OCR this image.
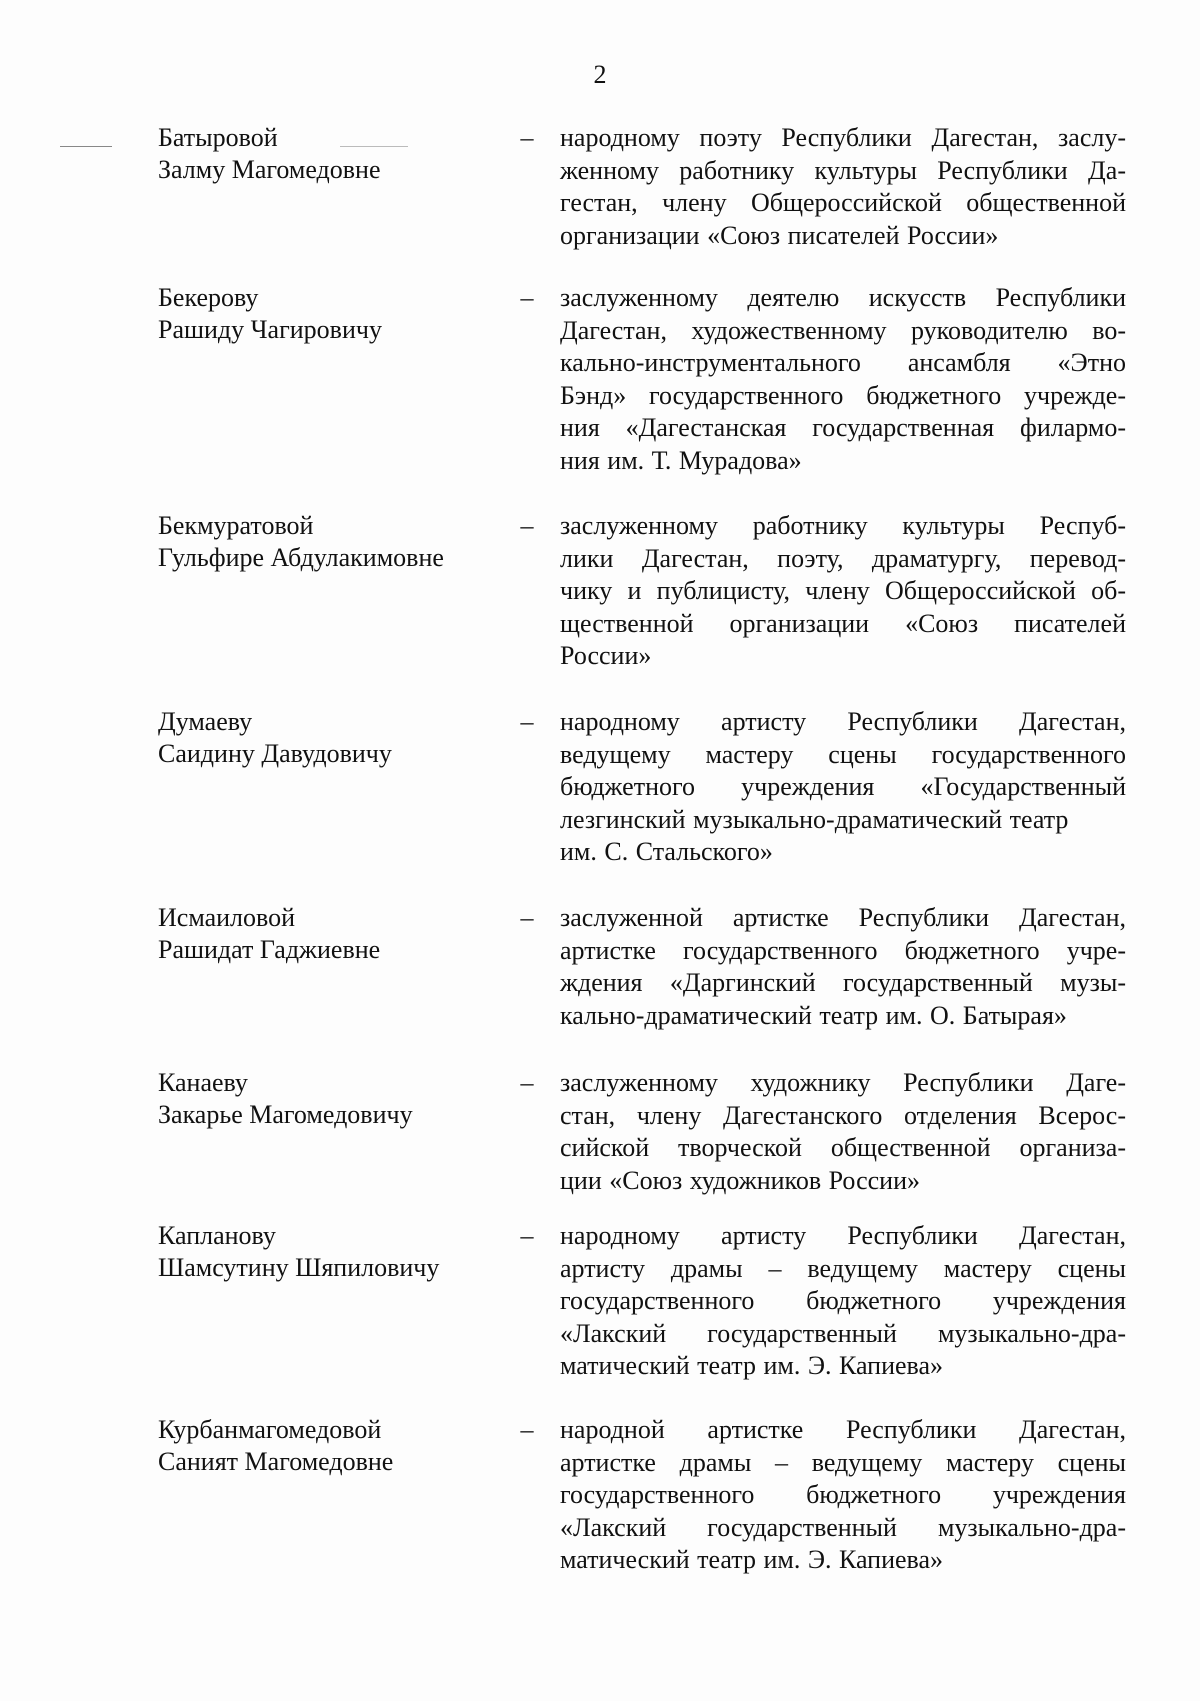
2
Батыровой
Залму Магомедовне
– народному поэту Республики Дагестан, заслу-
женному работнику культуры Республики Да-
гестан, члену Общероссийской общественной
организации «Союз писателей России»
Бекерову
Рашиду Чагировичу
– заслуженному деятелю искусств Республики
Дагестан, художественному руководителю во-
кально-инструментального ансамбля «Этно
Бэнд» государственного бюджетного учрежде-
ния «Дагестанская государственная филармо-
ния им. Т. Мурадова»
Бекмуратовой
Гульфире Абдулакимовне
– заслуженному работнику культуры Респуб-
лики Дагестан, поэту, драматургу, перевод-
чику и публицисту, члену Общероссийской об-
щественной организации «Союз писателей
России»
Думаеву
Саидину Давудовичу
– народному артисту Республики Дагестан,
ведущему мастеру сцены государственного
бюджетного учреждения «Государственный
лезгинский музыкально-драматический театр
им. С. Стальского»
Исмаиловой
Рашидат Гаджиевне
– заслуженной артистке Республики Дагестан,
артистке государственного бюджетного учре-
ждения «Даргинский государственный музы-
кально-драматический театр им. О. Батырая»
Канаеву
Закарье Магомедовичу
– заслуженному художнику Республики Даге-
стан, члену Дагестанского отделения Всерос-
сийской творческой общественной организа-
ции «Союз художников России»
Капланову
Шамсутину Шяпиловичу
– народному артисту Республики Дагестан,
артисту драмы – ведущему мастеру сцены
государственного бюджетного учреждения
«Лакский государственный музыкально-дра-
матический театр им. Э. Капиева»
Курбанмагомедовой
Саният Магомедовне
– народной артистке Республики Дагестан,
артистке драмы – ведущему мастеру сцены
государственного бюджетного учреждения
«Лакский государственный музыкально-дра-
матический театр им. Э. Капиева»
